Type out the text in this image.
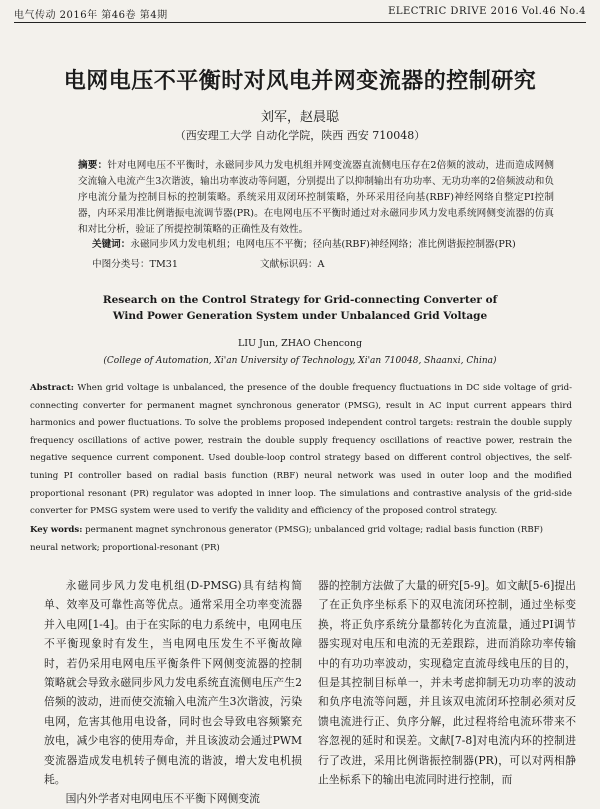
电气传动 2016年 第46卷 第4期	ELECTRIC DRIVE 2016 Vol.46 No.4
电网电压不平衡时对风电并网变流器的控制研究
刘军，赵晨聪
（西安理工大学 自动化学院，陕西 西安 710048）
摘要：针对电网电压不平衡时，永磁同步风力发电机组并网变流器直流侧电压存在2倍频的波动，进而造成网侧交流输入电流产生3次谐波，输出功率波动等问题，分别提出了以抑制输出有功功率、无功功率的2倍频波动和负序电流分量为控制目标的控制策略。系统采用双闭环控制策略，外环采用径向基(RBF)神经网络自整定PI控制器，内环采用准比例谐振电流调节器(PR)。在电网电压不平衡时通过对永磁同步风力发电系统网侧变流器的仿真和对比分析，验证了所提控制策略的正确性及有效性。
关键词：永磁同步风力发电机组；电网电压不平衡；径向基(RBF)神经网络；准比例谐振控制器(PR)
中图分类号：TM31	文献标识码：A
Research on the Control Strategy for Grid-connecting Converter of
Wind Power Generation System under Unbalanced Grid Voltage
LIU Jun, ZHAO Chencong
(College of Automation, Xi'an University of Technology, Xi'an 710048, Shaanxi, China)
Abstract: When grid voltage is unbalanced, the presence of the double frequency fluctuations in DC side voltage of grid-connecting converter for permanent magnet synchronous generator (PMSG), result in AC input current appears third harmonics and power fluctuations. To solve the problems proposed independent control targets: restrain the double supply frequency oscillations of active power, restrain the double supply frequency oscillations of reactive power, restrain the negative sequence current component. Used double-loop control strategy based on different control objectives, the self-tuning PI controller based on radial basis function (RBF) neural network was used in outer loop and the modified proportional resonant (PR) regulator was adopted in inner loop. The simulations and contrastive analysis of the grid-side converter for PMSG system were used to verify the validity and efficiency of the proposed control strategy.
Key words: permanent magnet synchronous generator (PMSG); unbalanced grid voltage; radial basis function (RBF) neural network; proportional-resonant (PR)

永磁同步风力发电机组(D-PMSG)具有结构简单、效率及可靠性高等优点。通常采用全功率变流器并入电网[1-4]。由于在实际的电力系统中，电网电压不平衡现象时有发生，当电网电压发生不平衡故障时，若仍采用电网电压平衡条件下网侧变流器的控制策略就会导致永磁同步风力发电系统直流侧电压产生2倍频的波动，进而使交流输入电流产生3次谐波，污染电网，危害其他用电设备，同时也会导致电容频繁充放电，减少电容的使用寿命，并且该波动会通过PWM变流器造成发电机转子侧电流的谐波，增大发电机损耗。

国内外学者对电网电压不平衡下网侧变流

器的控制方法做了大量的研究[5-9]。如文献[5-6]提出了在正负序坐标系下的双电流闭环控制，通过坐标变换，将正负序系统分量都转化为直流量，通过PI调节器实现对电压和电流的无差跟踪，进而消除功率传输中的有功功率波动，实现稳定直流母线电压的目的，但是其控制目标单一，并未考虑抑制无功功率的波动和负序电流等问题，并且该双电流闭环控制必须对反馈电流进行正、负序分解，此过程将给电流环带来不容忽视的延时和误差。文献[7-8]对电流内环的控制进行了改进，采用比例谐振控制器(PR)，可以对两相静止坐标系下的输出电流同时进行控制，而
